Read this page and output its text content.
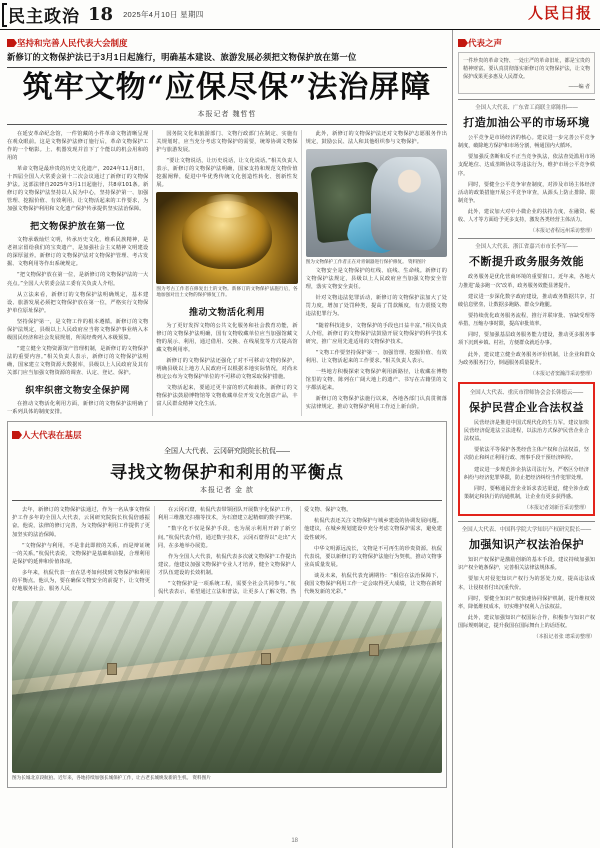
民主政治 18 2025年4月10日 星期四	人民日报
坚持和完善人民代表大会制度
新修订的文物保护法已于3月1日起施行，明确基本建设、旅游发展必须把文物保护放在第一位
筑牢文物“应保尽保”法治屏障
本报记者 魏哲哲

在延安革命纪念馆，一件馆藏的小件革命文物清晰呈现在观众眼前。这是文物保护法修订施行后，革命文物保护工作的一个缩影。上、机器发现并首下了个能以的机会用和的用的

革命文物是最珍贵的历史文化遗产，2024年11月8日，十四届全国人大常委会第十二次会议通过了新修订的文物保护法。这部法律自2025年3月1日起施行，共8章101条。新修订的文物保护法坚持以人民为中心，坚持保护第一、加强管理、挖掘价值、有效利用、让文物活起来的工作要求，为加强文物保护利用和文化遗产保护传承提供坚实法治保障。

把文物保护放在第一位

文物承载灿烂文明，传承历史文化，维系民族精神，是老祖宗留给我们的宝贵遗产，是加强社会主义精神文明建设的深厚滋养。新修订的文物保护法对文物保护管理、考古发掘、文物利用等作出系统规定。

“把文物保护放在第一位，是新修订的文物保护法的一大亮点。”全国人大常委会法工委有关负责人介绍。

从立法来看，新修订的文物保护法明确规定，基本建设、旅游发展必须把文物保护放在第一位，严格实行文物保护单位原址保护。

坚持保护第一，是文物工作的根本遵循。新修订的文物保护法规定，县级以上人民政府应当将文物保护事业纳入本级国民经济和社会发展规划，所需经费列入本级预算。

“建立健全文物资源资产管理机制，是新修订的文物保护法的重要内容。”相关负责人表示，新修订的文物保护法明确，国家建立文物资源大数据库，县级以上人民政府及其有关部门应当加强文物资源的调查、认定、登记、保护。

织牢织密文物安全保护网

在推动文物活化利用方面，新修订的文物保护法明确了一系列具体的制度安排。

国务院文化和旅游部门、文物行政部门在制定、实施有关规划时，应当充分考虑文物保护的需要，统筹协调文物保护与旅游发展。

“要让文物说话，让历史说话，让文化说话。”相关负责人表示，新修订的文物保护法明确，国家支持和规范文物价值挖掘阐释，促进中华优秀传统文化创造性转化、创新性发展。

图为考古工作者在修复出土的文物。新修订的文物保护法施行后，各地加强对出土文物的保护修复工作。
推动文物活化利用

为了更好发挥文物的公共文化服务和社会教育功能，新修订的文物保护法明确，国有文物收藏单位应当加强馆藏文物的展示、利用，通过借用、交换、在线展览等方式提高馆藏文物利用率。

新修订的文物保护法还强化了对不可移动文物的保护，明确县级以上地方人民政府可以根据本地实际情况，对尚未核定公布为文物保护单位的不可移动文物采取保护措施。

文物活起来，要通过更丰富的形式和载体。新修订的文物保护法鼓励博物馆等文物收藏单位开发文化创意产品，丰富人民群众精神文化生活。

此外，新修订的文物保护法还对文物保护志愿服务作出规定，鼓励公民、法人和其他组织参与文物保护。

图为文物保护工作者正在对青铜器进行保护修复。 资料图片

文物安全是文物保护的红线、底线、生命线。新修订的文物保护法规定，县级以上人民政府应当加强文物安全管理，落实文物安全责任。

针对文物违法犯罪活动，新修订的文物保护法加大了处罚力度，增加了处罚种类，提高了罚款额度，有力震慑文物违法犯罪行为。

“随着科技进步，文物保护的手段也日益丰富。”相关负责人介绍，新修订的文物保护法鼓励开展文物保护的科学技术研究，推广应用先进适用的文物保护技术。

“文物工作要坚持保护第一、加强管理、挖掘价值、有效利用、让文物活起来的工作要求。”相关负责人表示。

一些地方积极探索文物保护利用新路径，让收藏在博物馆里的文物、陈列在广阔大地上的遗产、书写在古籍里的文字都活起来。

新修订的文物保护法施行以来，各地各部门认真贯彻落实法律规定，推动文物保护利用工作迈上新台阶。

人大代表在基层
全国人大代表、云冈研究院院长杭侃——
寻找文物保护和利用的平衡点
本报记者 金 歆

去年，新修订的文物保护法通过，作为一名从事文物保护工作多年的全国人大代表，云冈研究院院长杭侃倍感振奋。他说，法律的修订完善，为文物保护利用工作提供了更加坚实的法治保障。

“文物保护与利用，不是非此即彼的关系，而是辩证统一的关系。”杭侃代表说，文物保护是基础和前提，合理利用是保护的延伸和价值体现。

多年来，杭侃代表一直在思考如何找到文物保护和利用的平衡点。他认为，要在确保文物安全的前提下，让文物更好地服务社会、服务人民。

在云冈石窟，杭侃代表带领团队开展数字化保护工作，利用三维激光扫描等技术，为石窟建立起精细的数字档案。

“数字化不仅是保护手段，也为展示利用开辟了新空间。”杭侃代表介绍，通过数字技术，云冈石窟得以“走出”大同，在多地举办展览。

作为全国人大代表，杭侃代表多次就文物保护工作提出建议。他建议加强文物保护专业人才培养，健全文物保护人才队伍建设的长效机制。

“文物保护是一项系统工程，需要全社会共同参与。”杭侃代表表示，希望通过立法和普法，让更多人了解文物、热爱文物、保护文物。

杭侃代表还关注文物保护与城乡建设的协调发展问题。他建议，在城乡规划建设中充分考虑文物保护需求，避免建设性破坏。

中华文明源远流长，文物是不可再生的珍贵资源。杭侃代表说，要以新修订的文物保护法施行为契机，推动文物事业高质量发展。

谈及未来，杭侃代表充满期待：“相信在法治保障下，我国文物保护利用工作一定会取得更大成绩，让文物在新时代焕发新的光彩。”

图为长城北京段航拍。近年来，各地持续加强长城保护工作，让古老长城焕发新的生机。 资料图片
18
代表之声
一件珍贵的革命文物、一处庄严的革命旧址，都是宝贵的精神财富。要认真贯彻落实新修订的文物保护法，让文物保护成果更多惠及人民群众。
——编 者
全国人大代表、广东省工商联主席陈伟——
打造加油公平的市场环境

公平竞争是市场经济的核心。建议进一步完善公平竞争制度，破除地方保护和市场分割，畅通国内大循环。

要加强反垄断和反不正当竞争执法，依法查处滥用市场支配地位、达成垄断协议等违法行为，维护市场公平竞争秩序。

同时，要健全公平竞争审查制度，对涉及市场主体经济活动的政策措施开展公平竞争审查，从源头上防止排除、限制竞争。

此外，建议加大对中小微企业的扶持力度，在融资、税收、人才等方面给予更多支持，激发各类经营主体活力。

（本报记者程远州采访整理）
全国人大代表、浙江省嘉兴市市长李军——
不断提升政务服务效能

政务服务是优化营商环境的重要窗口。近年来，各地大力推进“最多跑一次”改革，政务服务效能显著提升。

建议进一步深化数字政府建设，推动政务数据共享，打破信息壁垒，让数据多跑路、群众少跑腿。

要持续优化政务服务流程，推行并联审批、容缺受理等举措，压缩办事时限，提高审批效率。

同时，要加强基层政务服务能力建设，推动更多服务事项下沉到乡镇、村社，方便群众就近办事。

此外，建议建立健全政务服务评价机制，让企业和群众为政务服务打分，倒逼服务质量提升。

（本报记者窦瀚洋采访整理）
全国人大代表、重庆市律师协会会长韩德云——
保护民营企业合法权益

民营经济是推进中国式现代化的生力军。建议加快民营经济促进法立法进程，以法治方式保护民营企业合法权益。

要依法平等保护各类经营主体产权和合法权益，坚决防止和纠正利用行政、刑事手段干预经济纠纷。

建议进一步规范涉企执法司法行为，严格区分经济纠纷与经济犯罪界限，防止把经济纠纷当作犯罪处理。

同时，要畅通民营企业诉求表达渠道，健全涉企政策制定和执行的沟通机制，让企业有更多获得感。

（本报记者刘新吾采访整理）
全国人大代表、中国科学院大学知识产权研究院长——
加强知识产权法治保护

知识产权保护是激励创新的基本手段。建议持续加强知识产权全链条保护，完善相关法律法规体系。

要加大对侵犯知识产权行为的惩处力度，提高违法成本，让侵权者付出沉重代价。

同时，要健全知识产权快速协同保护机制，提升维权效率，降低维权成本，切实维护权利人合法权益。

此外，建议加强知识产权国际合作，积极参与知识产权国际规则制定，提升我国在国际舞台上的话语权。

（本报记者张 璁采访整理）
